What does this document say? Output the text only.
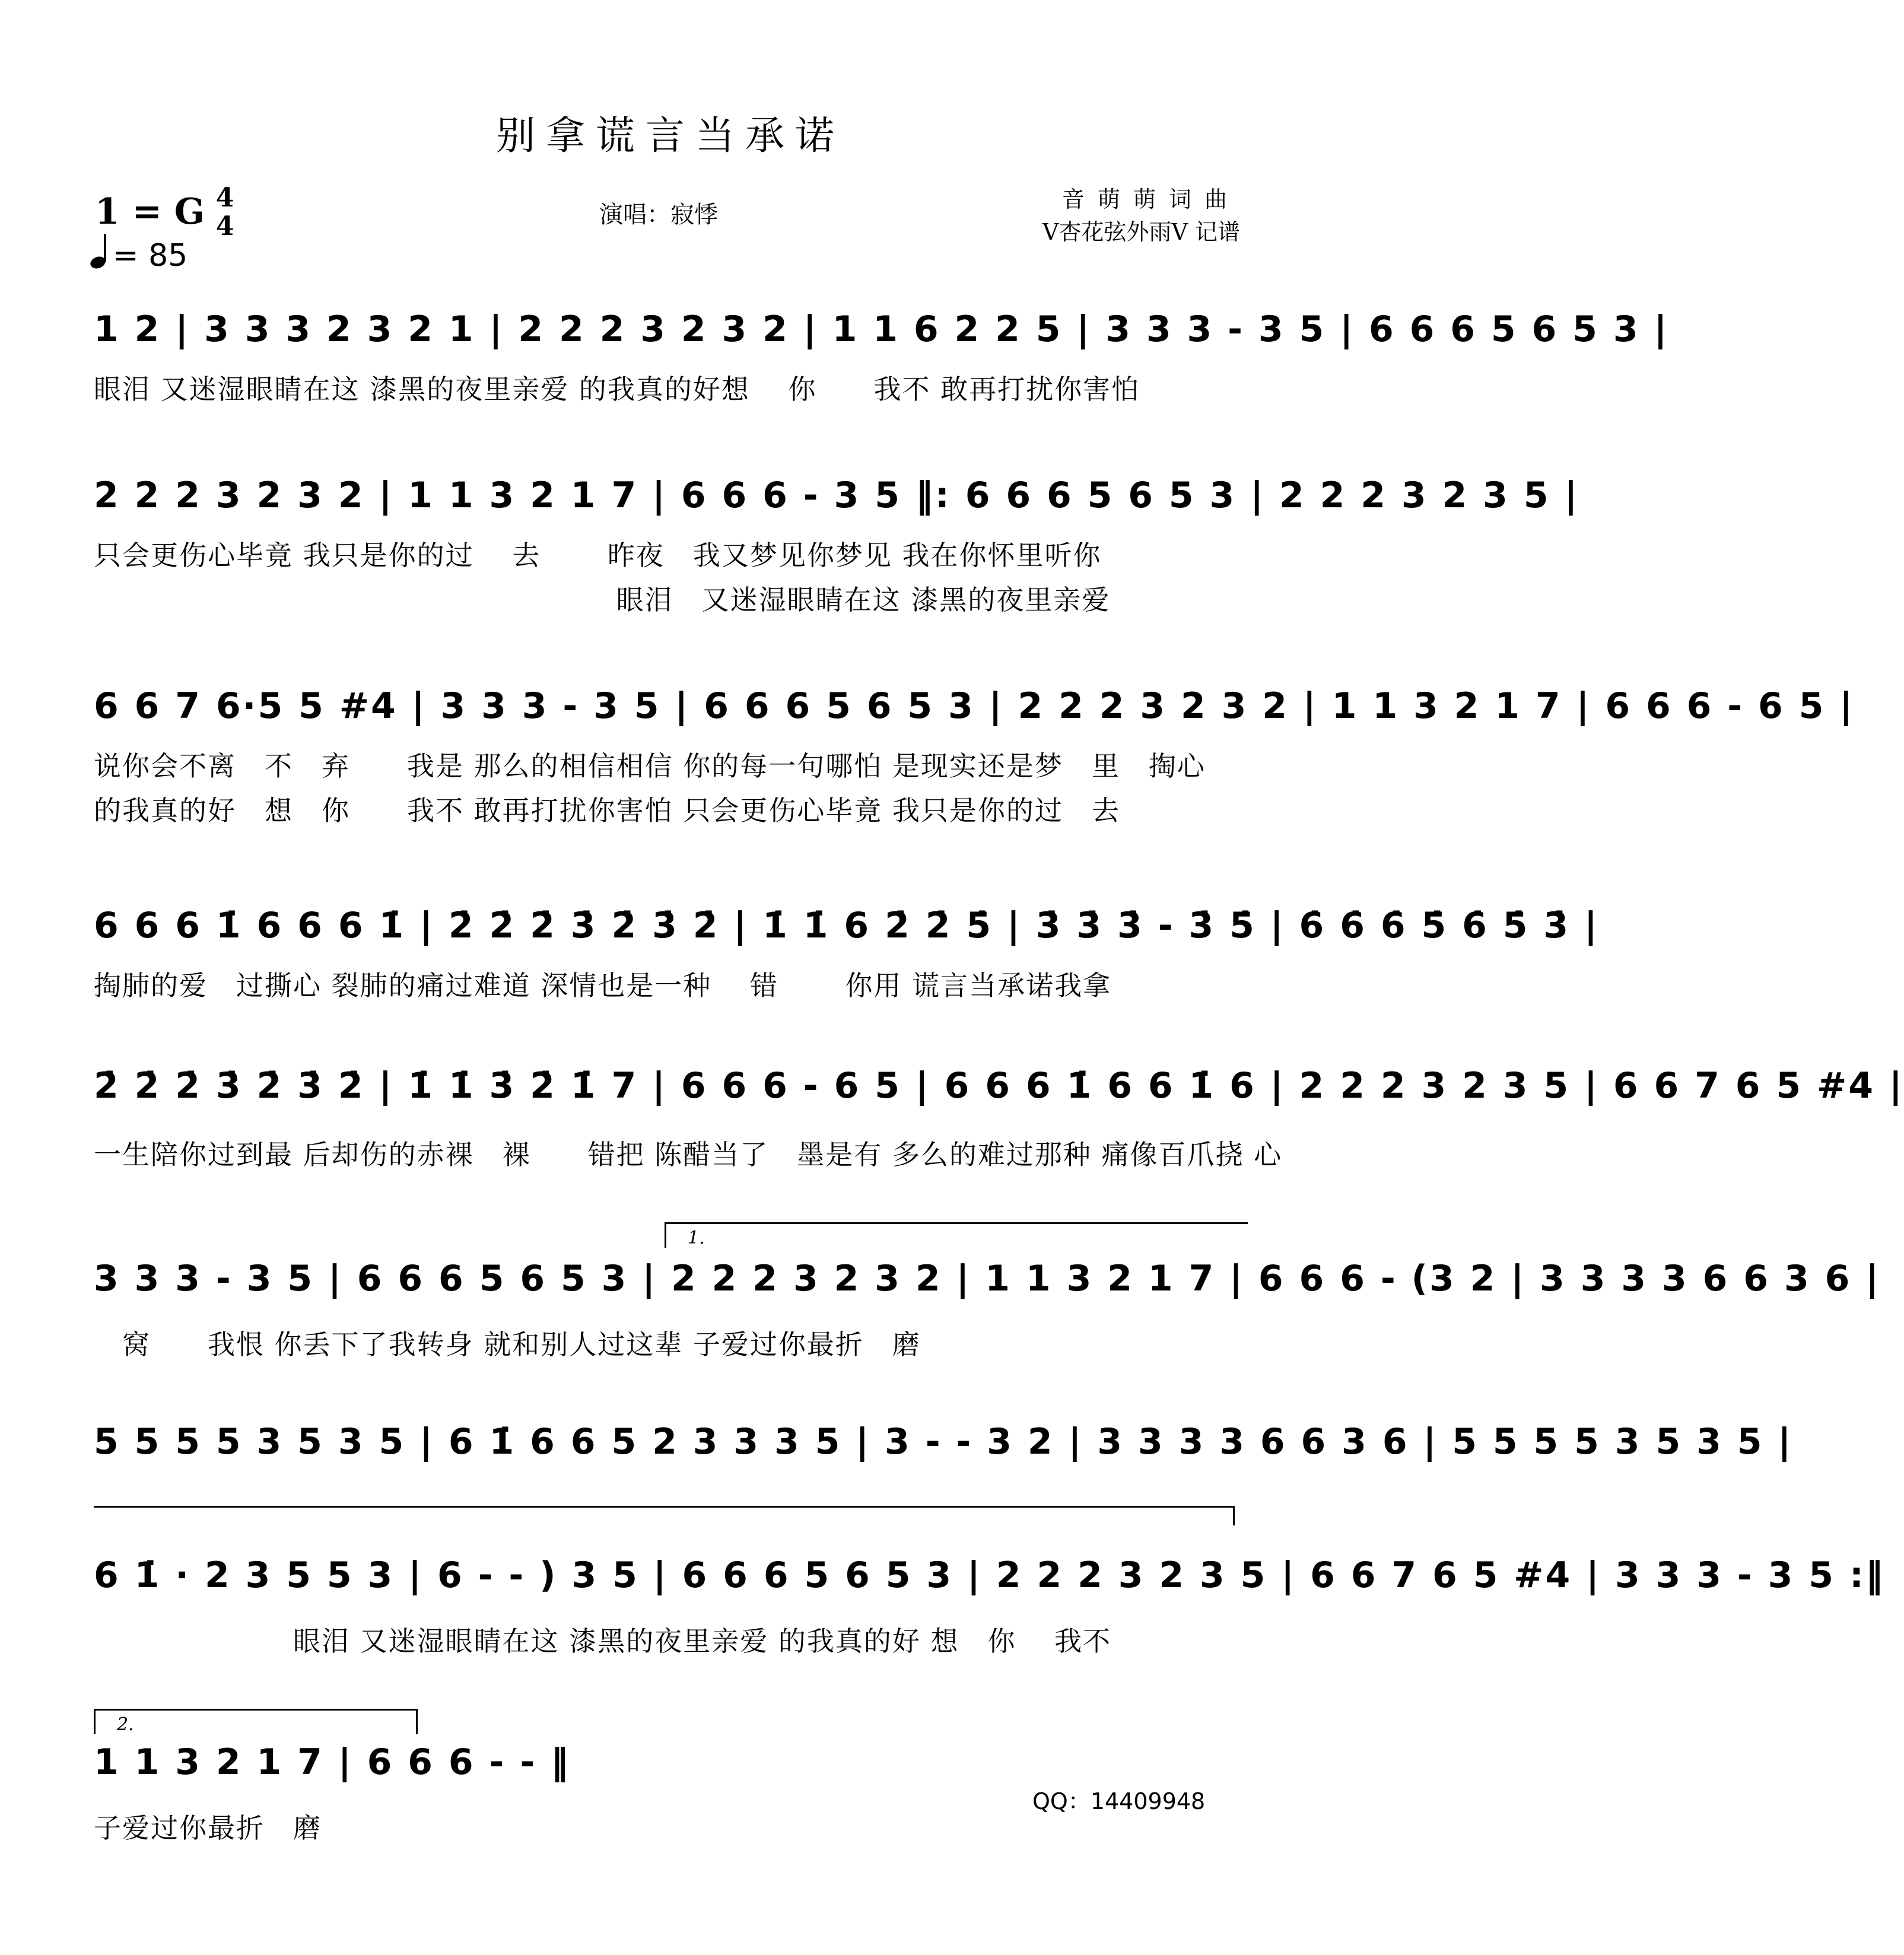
别拿谎言当承诺
1 = G 4
4
= 85
演唱：寂悸
音萌萌词曲
V杏花弦外雨V 记谱
1 2 | 3 3 3 2 3 2 1 | 2 2 2 3 2 3 2 | 1 1 6 2 2 5 | 3 3 3 - 3 5 | 6 6 6 5 6 5 3 |
眼泪 又迷湿眼睛在这 漆黑的夜里亲爱 的我真的好想　 你　　我不 敢再打扰你害怕
2 2 2 3 2 3 2 | 1 1 3 2 1 7 | 6 6 6 - 3 5 ‖: 6 6 6 5 6 5 3 | 2 2 2 3 2 3 5 |
只会更伤心毕竟 我只是你的过　 去　　 昨夜　我又梦见你梦见 我在你怀里听你
　　　　　　　　　　　　　　　　　　 眼泪　又迷湿眼睛在这 漆黑的夜里亲爱
6 6 7 6·5 5 #4 | 3 3 3 - 3 5 | 6 6 6 5 6 5 3 | 2 2 2 3 2 3 2 | 1 1 3 2 1 7 | 6 6 6 - 6 5 |
说你会不离　不　弃　　我是 那么的相信相信 你的每一句哪怕 是现实还是梦　里　掏心
的我真的好　想　你　　我不 敢再打扰你害怕 只会更伤心毕竟 我只是你的过　去
6 6 6 1̇ 6 6 6 1̇ | 2̇ 2̇ 2̇ 3̇ 2̇ 3̇ 2̇ | 1̇ 1̇ 6 2̇ 2̇ 5̇ | 3̇ 3̇ 3̇ - 3̇ 5̇ | 6̇ 6̇ 6̇ 5̇ 6̇ 5̇ 3̇ |
掏肺的爱　过撕心 裂肺的痛过难道 深情也是一种　 错　　 你用 谎言当承诺我拿
2̇ 2̇ 2̇ 3̇ 2̇ 3̇ 2̇ | 1̇ 1̇ 3̇ 2̇ 1̇ 7 | 6 6 6 - 6 5 | 6 6 6 1̇ 6 6 1̇ 6 | 2 2 2 3 2 3 5 | 6 6 7 6 5 #4 |
一生陪你过到最 后却伤的赤裸　裸　　错把 陈醋当了　墨是有 多么的难过那种 痛像百爪挠 心
1.
3 3 3 - 3 5 | 6 6 6 5 6 5 3 | 2 2 2 3 2 3 2 | 1 1 3 2 1 7 | 6 6 6 - (3 2 | 3 3 3 3 6 6 3 6 |
　窝　　我恨 你丢下了我转身 就和别人过这辈 子爱过你最折　磨
5 5 5 5 3 5 3 5 | 6 1̇ 6 6 5 2 3 3 3 5 | 3 - - 3 2 | 3 3 3 3 6 6 3 6 | 5 5 5 5 3 5 3 5 |
6 1̇ · 2 3 5 5 3 | 6 - - ) 3 5 | 6 6 6 5 6 5 3 | 2 2 2 3 2 3 5 | 6 6 7 6 5 #4 | 3 3 3 - 3 5 :‖
　　　　　　　眼泪 又迷湿眼睛在这 漆黑的夜里亲爱 的我真的好 想　你　 我不
2.
1 1 3 2 1 7 | 6 6 6 - - ‖
子爱过你最折　磨
QQ：14409948
